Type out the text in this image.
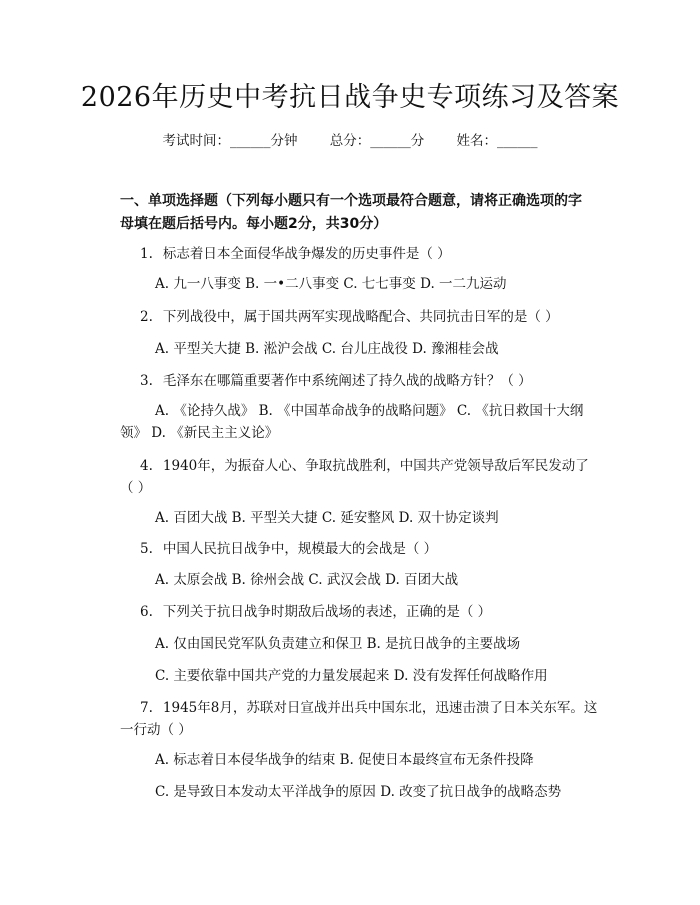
2026年历史中考抗日战争史专项练习及答案
考试时间：______分钟 总分：______分 姓名：______
一、单项选择题（下列每小题只有一个选项最符合题意，请将正确选项的字母填在题后括号内。每小题2分，共30分）
1. 标志着日本全面侵华战争爆发的历史事件是（ ）
A. 九一八事变 B. 一•二八事变 C. 七七事变 D. 一二九运动
2. 下列战役中，属于国共两军实现战略配合、共同抗击日军的是（ ）
A. 平型关大捷 B. 淞沪会战 C. 台儿庄战役 D. 豫湘桂会战
3. 毛泽东在哪篇重要著作中系统阐述了持久战的战略方针？（ ）
A. 《论持久战》 B. 《中国革命战争的战略问题》 C. 《抗日救国十大纲领》 D. 《新民主主义论》
4. 1940年，为振奋人心、争取抗战胜利，中国共产党领导敌后军民发动了（ ）
A. 百团大战 B. 平型关大捷 C. 延安整风 D. 双十协定谈判
5. 中国人民抗日战争中，规模最大的会战是（ ）
A. 太原会战 B. 徐州会战 C. 武汉会战 D. 百团大战
6. 下列关于抗日战争时期敌后战场的表述，正确的是（ ）
A. 仅由国民党军队负责建立和保卫 B. 是抗日战争的主要战场
C. 主要依靠中国共产党的力量发展起来 D. 没有发挥任何战略作用
7. 1945年8月，苏联对日宣战并出兵中国东北，迅速击溃了日本关东军。这一行动（ ）
A. 标志着日本侵华战争的结束 B. 促使日本最终宣布无条件投降
C. 是导致日本发动太平洋战争的原因 D. 改变了抗日战争的战略态势
